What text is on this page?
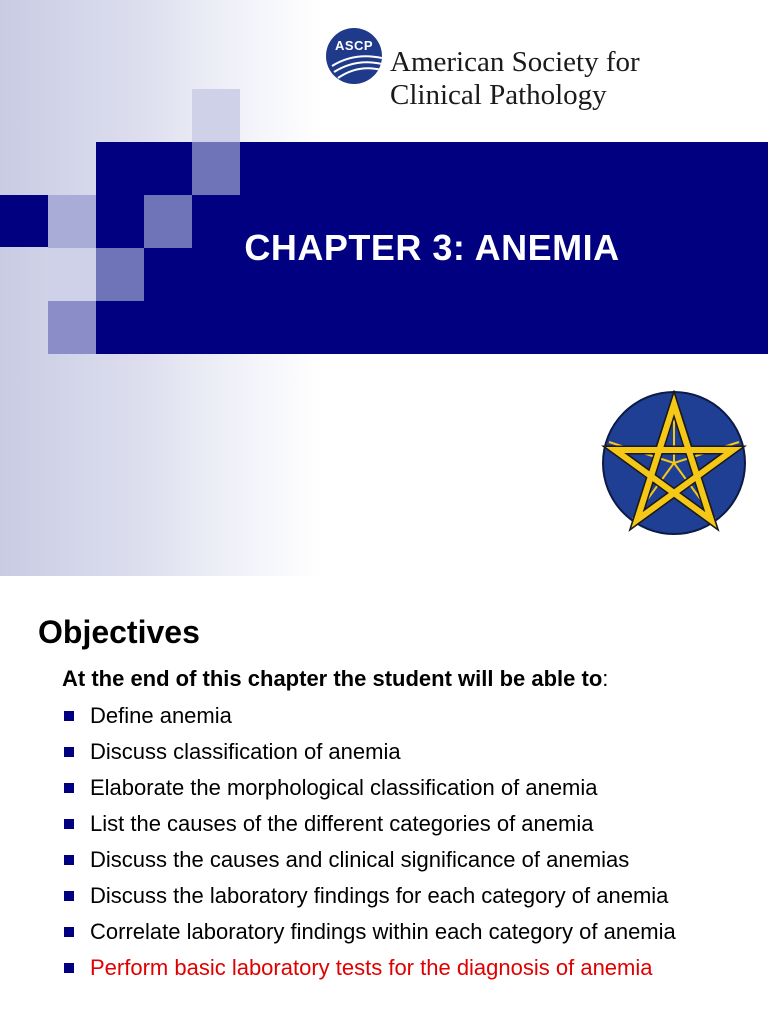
ASCP
American Society for
Clinical Pathology
CHAPTER 3: ANEMIA
Objectives
At the end of this chapter the student will be able to:
Define anemia
Discuss classification of anemia
Elaborate the morphological classification of anemia
List the causes of the different categories of anemia
Discuss the causes and clinical significance of anemias
Discuss the laboratory findings for each category of anemia
Correlate laboratory findings within each category of anemia
Perform basic laboratory tests for the diagnosis of anemia
